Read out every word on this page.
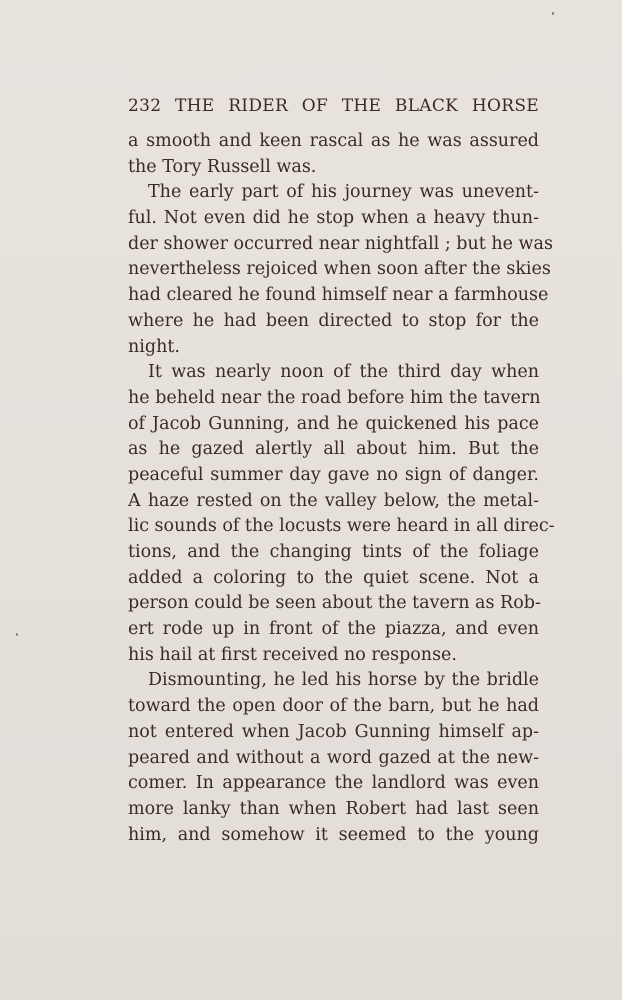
232 THE RIDER OF THE BLACK HORSE
a smooth and keen rascal as he was assured
the Tory Russell was.
The early part of his journey was unevent-
ful. Not even did he stop when a heavy thun-
der shower occurred near nightfall ; but he was
nevertheless rejoiced when soon after the skies
had cleared he found himself near a farmhouse
where he had been directed to stop for the
night.
It was nearly noon of the third day when
he beheld near the road before him the tavern
of Jacob Gunning, and he quickened his pace
as he gazed alertly all about him. But the
peaceful summer day gave no sign of danger.
A haze rested on the valley below, the metal-
lic sounds of the locusts were heard in all direc-
tions, and the changing tints of the foliage
added a coloring to the quiet scene. Not a
person could be seen about the tavern as Rob-
ert rode up in front of the piazza, and even
his hail at first received no response.
Dismounting, he led his horse by the bridle
toward the open door of the barn, but he had
not entered when Jacob Gunning himself ap-
peared and without a word gazed at the new-
comer. In appearance the landlord was even
more lanky than when Robert had last seen
him, and somehow it seemed to the young
